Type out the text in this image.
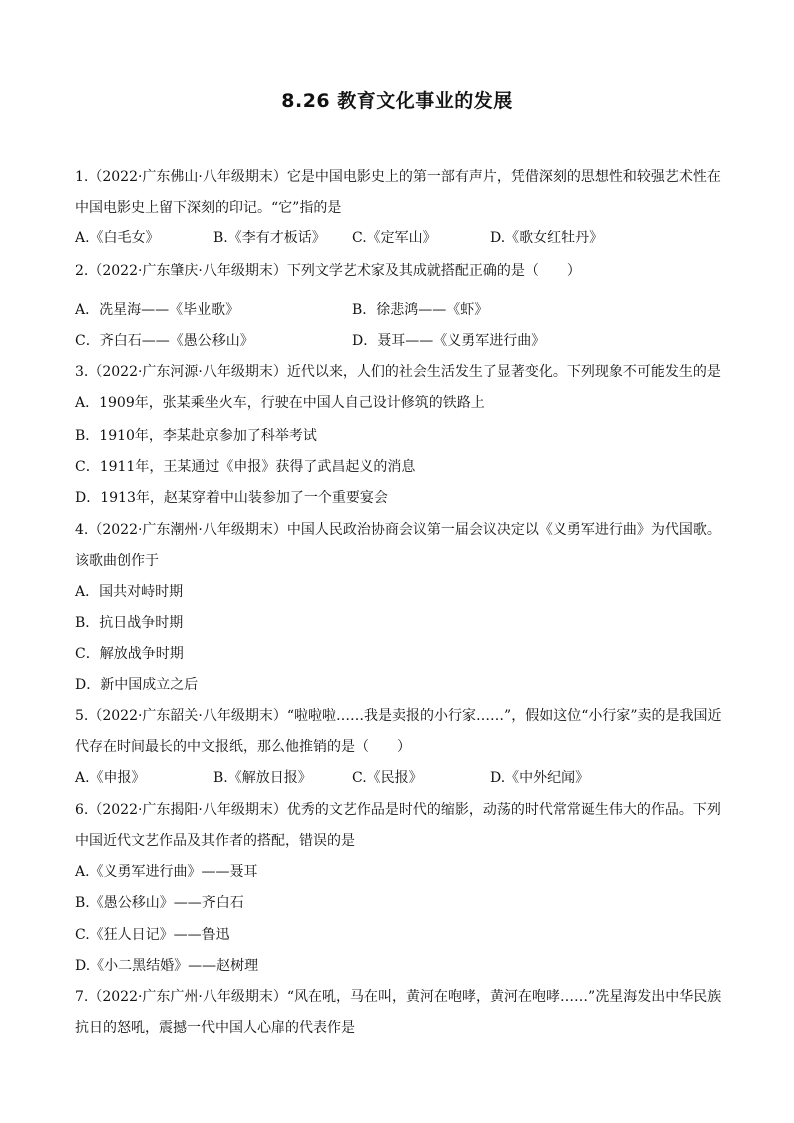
8.26 教育文化事业的发展
1.（2022·广东佛山·八年级期末）它是中国电影史上的第一部有声片，凭借深刻的思想性和较强艺术性在
中国电影史上留下深刻的印记。“它”指的是
A.《白毛女》	B.《李有才板话》 C.《定军山》	D.《歌女红牡丹》
2.（2022·广东肇庆·八年级期末）下列文学艺术家及其成就搭配正确的是（　　）
A．冼星海——《毕业歌》	B．徐悲鸿——《虾》
C．齐白石——《愚公移山》	D．聂耳——《义勇军进行曲》
3.（2022·广东河源·八年级期末）近代以来，人们的社会生活发生了显著变化。下列现象不可能发生的是
A．1909年，张某乘坐火车，行驶在中国人自己设计修筑的铁路上
B．1910年，李某赴京参加了科举考试
C．1911年，王某通过《申报》获得了武昌起义的消息
D．1913年，赵某穿着中山装参加了一个重要宴会
4.（2022·广东潮州·八年级期末）中国人民政治协商会议第一届会议决定以《义勇军进行曲》为代国歌。
该歌曲创作于
A．国共对峙时期
B．抗日战争时期
C．解放战争时期
D．新中国成立之后
5.（2022·广东韶关·八年级期末）“啦啦啦……我是卖报的小行家……”，假如这位“小行家”卖的是我国近
代存在时间最长的中文报纸，那么他推销的是（　　）
A.《申报》	B.《解放日报》	C.《民报》	D.《中外纪闻》
6.（2022·广东揭阳·八年级期末）优秀的文艺作品是时代的缩影，动荡的时代常常诞生伟大的作品。下列
中国近代文艺作品及其作者的搭配，错误的是
A.《义勇军进行曲》——聂耳
B.《愚公移山》——齐白石
C.《狂人日记》——鲁迅
D.《小二黑结婚》——赵树理
7.（2022·广东广州·八年级期末）“风在吼，马在叫，黄河在咆哮，黄河在咆哮……”冼星海发出中华民族
抗日的怒吼，震撼一代中国人心扉的代表作是
